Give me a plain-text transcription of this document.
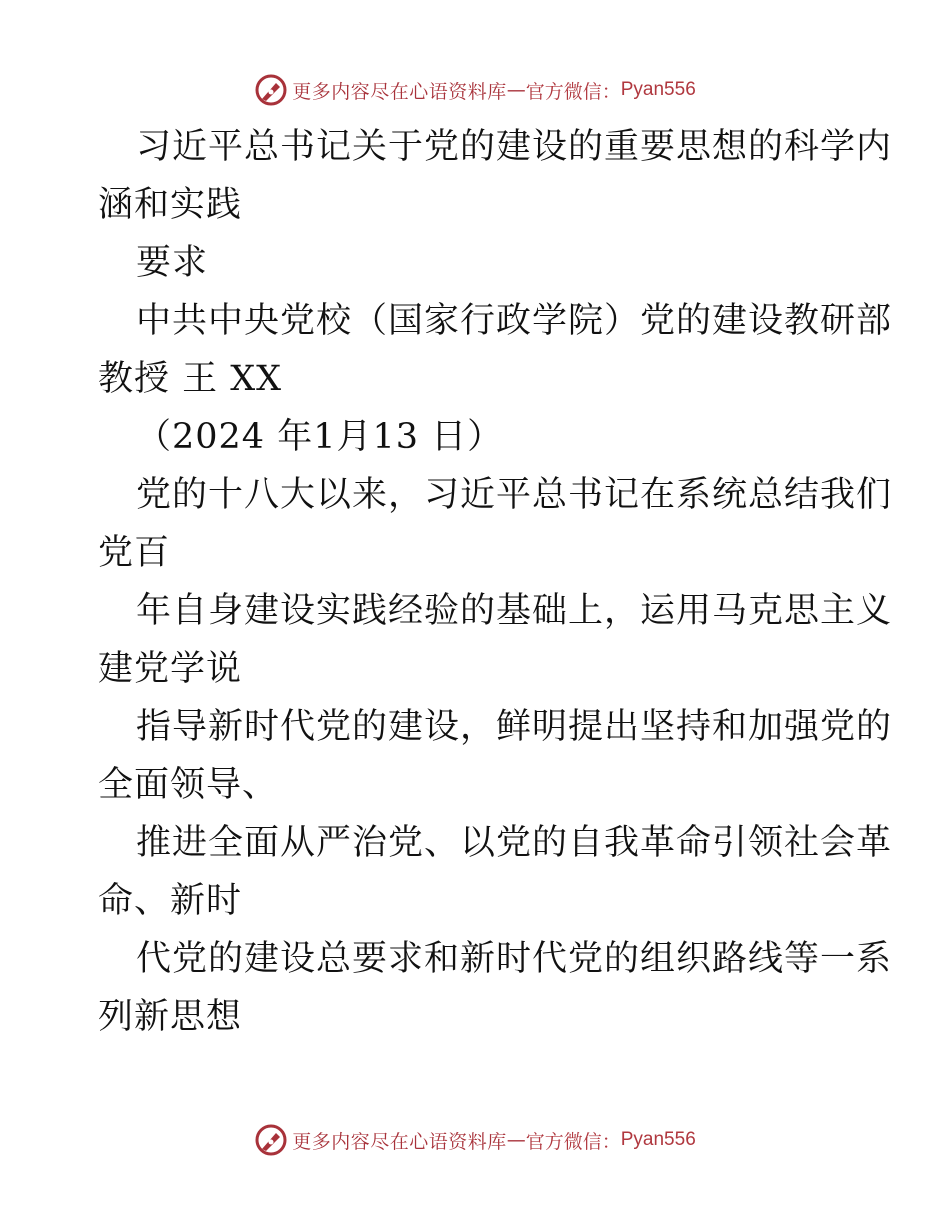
更多内容尽在心语资料库 — 官方微信： Pyan556
习近平总书记关于党的建设的重要思想的科学内
涵和实践
要求
中共中央党校（国家行政学院）党的建设教研部
教授 王 XX
（2024 年1月13 日）
党的十八大以来，习近平总书记在系统总结我们
党百
年自身建设实践经验的基础上，运用马克思主义
建党学说
指导新时代党的建设，鲜明提出坚持和加强党的
全面领导、
推进全面从严治党、以党的自我革命引领社会革
命、新时
代党的建设总要求和新时代党的组织路线等一系
列新思想
更多内容尽在心语资料库 — 官方微信： Pyan556
